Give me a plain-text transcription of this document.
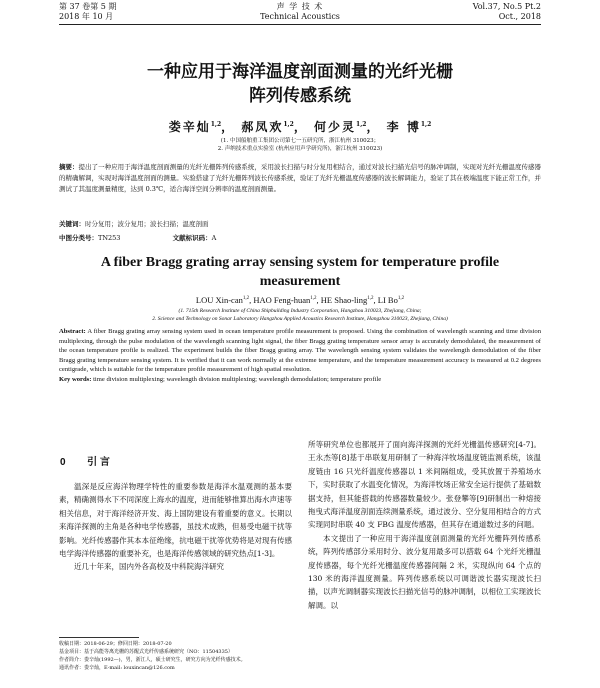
第 37 卷第 5 期
2018 年 10 月
声 学 技 术
Technical Acoustics
Vol.37, No.5 Pt.2
Oct., 2018
一种应用于海洋温度剖面测量的光纤光栅
阵列传感系统
娄辛灿$^{1,2}$， 郝凤欢$^{1,2}$， 何少灵$^{1,2}$， 李 博$^{1,2}$
(1. 中国船舶重工集团公司第七一五研究所，浙江杭州 310023；
2. 声纳技术重点实验室 (杭州应用声学研究所)，浙江杭州 310023)
摘要：提出了一种应用于海洋温度剖面测量的光纤光栅阵列传感系统，采用波长扫描与时分复用相结合，通过对波长扫描光信号的脉冲调制，实现对光纤光栅温度传感器的精确解调，实现对海洋温度剖面的测量。实验搭建了光纤光栅阵列波长传感系统，验证了光纤光栅温度传感器的波长解调能力，验证了其在极端温度下能正常工作，并测试了其温度测量精度，达到 0.3℃，适合海洋空间分辨率的温度剖面测量。
关键词：时分复用；波分复用；波长扫描；温度剖面
中图分类号：TN253	文献标识码：A
A fiber Bragg grating array sensing system for temperature profile measurement
LOU Xin-can$^{1,2}$, HAO Feng-huan$^{1,2}$, HE Shao-ling$^{1,2}$, LI Bo$^{1,2}$
(1. 715th Research Institute of China Shipbuilding Industry Corporation, Hangzhou 310023, Zhejiang, China;
2. Science and Technology on Sonar Laboratory Hangzhou Applied Acoustics Research Institute, Hangzhou 310023, Zhejiang, China)
Abstract: A fiber Bragg grating array sensing system used in ocean temperature profile measurement is proposed. Using the combination of wavelength scanning and time division multiplexing, through the pulse modulation of the wavelength scanning light signal, the fiber Bragg grating temperature sensor array is accurately demodulated, the measurement of the ocean temperature profile is realized. The experiment builds the fiber Bragg grating array. The wavelength sensing system validates the wavelength demodulation of the fiber Bragg grating temperature sensing system. It is verified that it can work normally at the extreme temperature, and the temperature measurement accuracy is measured at 0.2 degrees centigrade, which is suitable for the temperature profile measurement of high spatial resolution.
Key words: time division multiplexing; wavelength division multiplexing; wavelength demodulation; temperature profile
0 引 言

温深是反应海洋物理学特性的重要参数是海洋水温观测的基本要素，精确测得水下不同深度上海水的温度，进而能够推算出海水声速等相关信息，对于海洋经济开发、海上国防建设有着重要的意义。长期以来海洋探测的主角是各种电学传感器，虽技术成熟，但易受电磁干扰等影响。光纤传感器作其本本征绝缘，抗电磁干扰等优势将是对现有传感电学海洋传感器的重要补充，也是海洋传感领域的研究热点[1-3]。

近几十年来，国内外各高校及中科院海洋研究

所等研究单位也都展开了面向海洋探测的光纤光栅温传感研究[4-7]。王永杰等[8]基于串联复用研制了一种海洋牧场温度链监测系统，该温度链由 16 只光纤温度传感器以 1 米间隔组成，受其放置于养殖场水下，实时获取了水温变化情况，为海洋牧场正常安全运行提供了基础数据支持，但其能搭载的传感器数量较少。张登攀等[9]研制出一种熔接拖曳式海洋温度剖面连续测量系统，通过波分、空分复用相结合的方式实现同时串联 40 支 FBG 温度传感器，但其存在通道数过多的问题。

本文提出了一种应用于海洋温度剖面测量的光纤光栅阵列传感系统，阵列传感部分采用时分、波分复用最多可以搭载 64 个光纤光栅温度传感器，每个光纤光栅温度传感器间隔 2 米，实现纵向 64 个点的 130 米的海洋温度测量。阵列传感系统以可调谐波长器实现波长扫描，以声光调制器实现波长扫描光信号的脉冲调制，以相位工实现波长解调。以

收稿日期：2018-06-29；修回日期：2018-07-20
基金项目：基于高能等离光栅的苏醒式光纤传感系统研究（NO：11504335）
作者简介：娄辛灿(1992—)，男，浙江人，硕士研究生，研究方向为光纤传感技术。
通讯作者：娄辛灿，E-mail: louxincan@126.com
